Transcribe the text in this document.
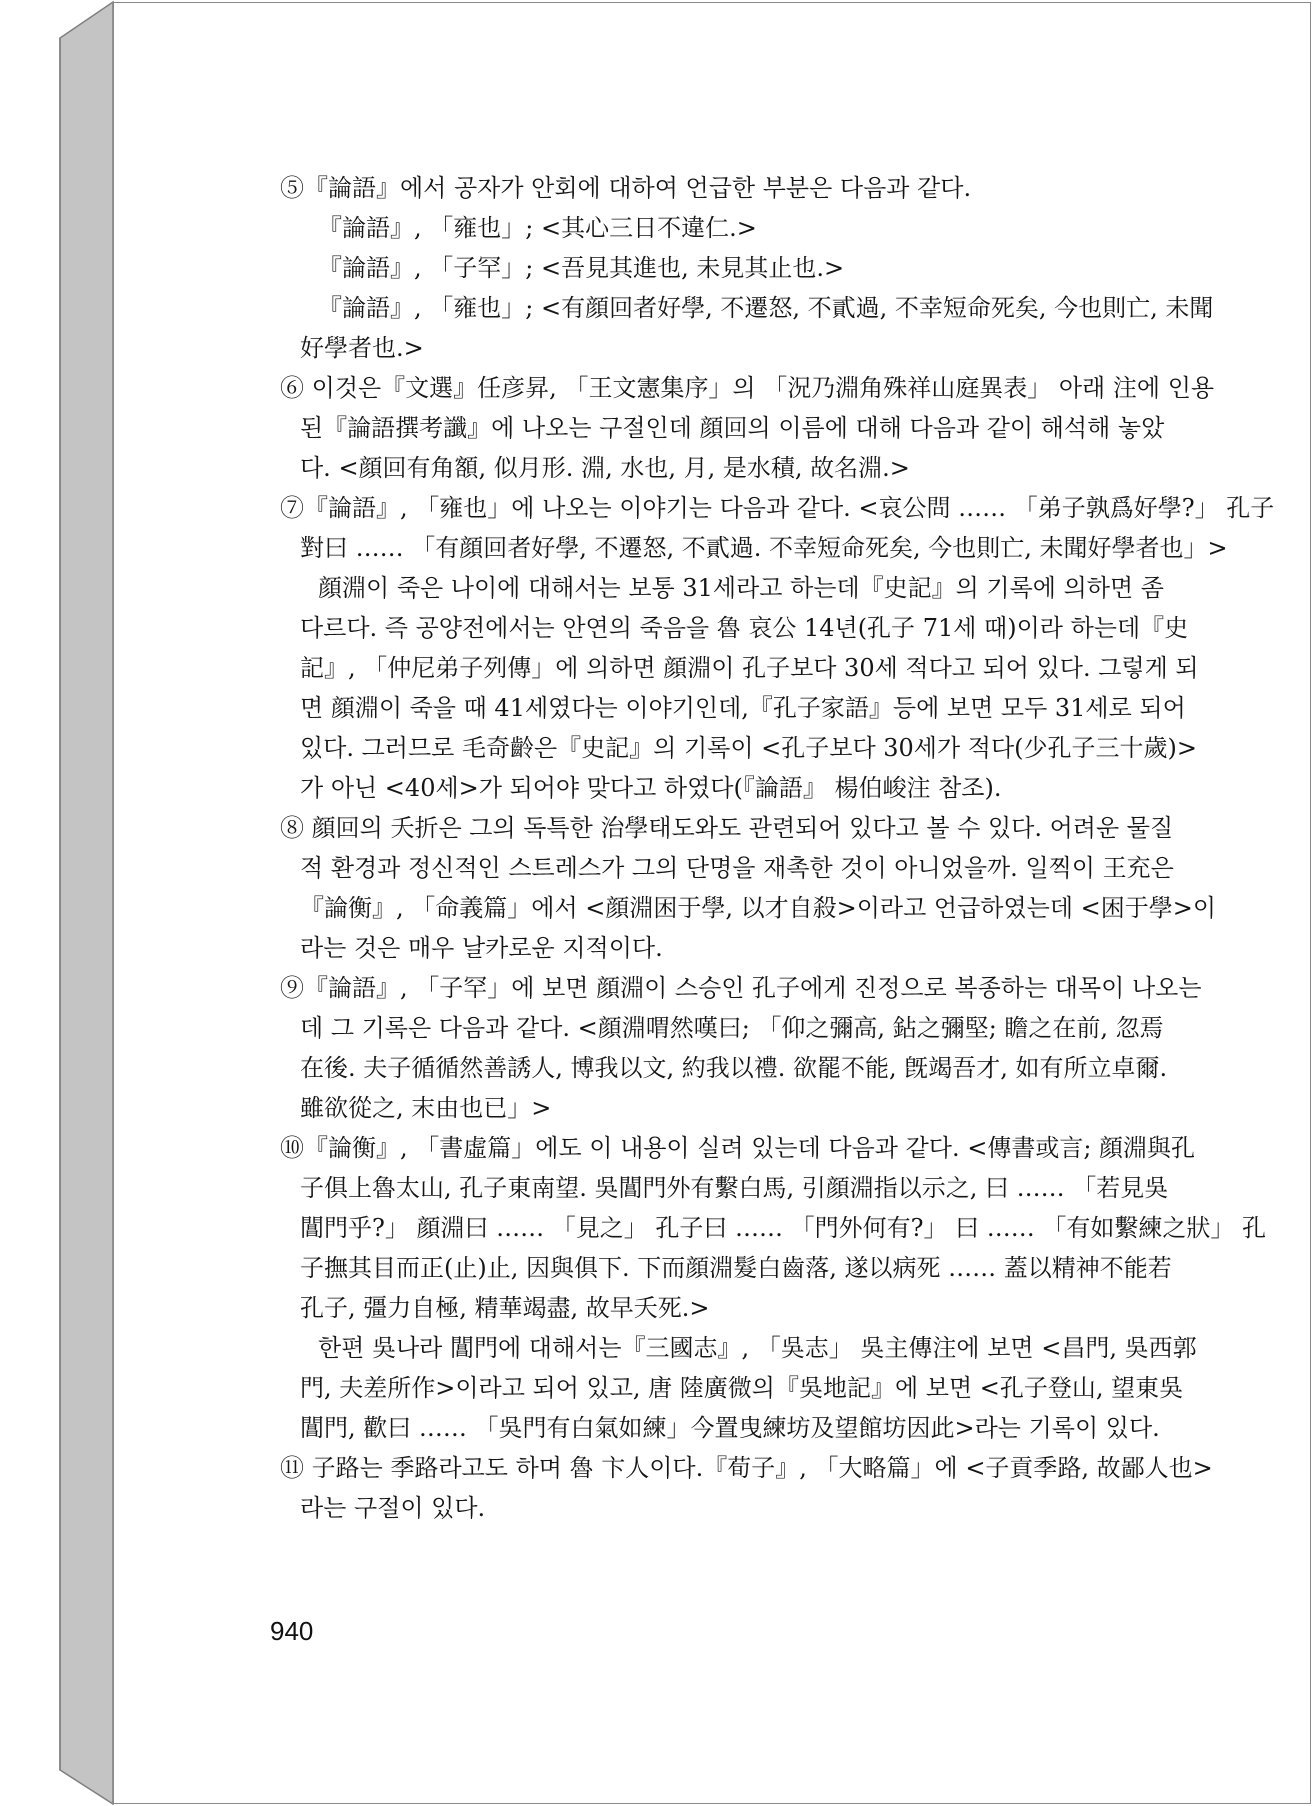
⑤『論語』에서 공자가 안회에 대하여 언급한 부분은 다음과 같다.
『論語』, 「雍也」; <其心三日不違仁.>
『論語』, 「子罕」; <吾見其進也, 未見其止也.>
『論語』, 「雍也」; <有顔回者好學, 不遷怒, 不貳過, 不幸短命死矣, 今也則亡, 未聞
好學者也.>
⑥ 이것은『文選』任彦昇, 「王文憲集序」의 「況乃淵角殊祥山庭異表」 아래 注에 인용
된『論語撰考讖』에 나오는 구절인데 顔回의 이름에 대해 다음과 같이 해석해 놓았
다. <顔回有角額, 似月形. 淵, 水也, 月, 是水積, 故名淵.>
⑦『論語』, 「雍也」에 나오는 이야기는 다음과 같다. <哀公問 …… 「弟子孰爲好學?」 孔子
對曰 …… 「有顔回者好學, 不遷怒, 不貳過. 不幸短命死矣, 今也則亡, 未聞好學者也」>
顔淵이 죽은 나이에 대해서는 보통 31세라고 하는데『史記』의 기록에 의하면 좀
다르다. 즉 공양전에서는 안연의 죽음을 魯 哀公 14년(孔子 71세 때)이라 하는데『史
記』, 「仲尼弟子列傳」에 의하면 顔淵이 孔子보다 30세 적다고 되어 있다. 그렇게 되
면 顔淵이 죽을 때 41세였다는 이야기인데,『孔子家語』등에 보면 모두 31세로 되어
있다. 그러므로 毛奇齡은『史記』의 기록이 <孔子보다 30세가 적다(少孔子三十歲)>
가 아닌 <40세>가 되어야 맞다고 하였다(『論語』 楊伯峻注 참조).
⑧ 顔回의 夭折은 그의 독특한 治學태도와도 관련되어 있다고 볼 수 있다. 어려운 물질
적 환경과 정신적인 스트레스가 그의 단명을 재촉한 것이 아니었을까. 일찍이 王充은
『論衡』, 「命義篇」에서 <顔淵困于學, 以才自殺>이라고 언급하였는데 <困于學>이
라는 것은 매우 날카로운 지적이다.
⑨『論語』, 「子罕」에 보면 顔淵이 스승인 孔子에게 진정으로 복종하는 대목이 나오는
데 그 기록은 다음과 같다. <顔淵喟然嘆曰; 「仰之彌高, 鉆之彌堅; 瞻之在前, 忽焉
在後. 夫子循循然善誘人, 博我以文, 約我以禮. 欲罷不能, 旣竭吾才, 如有所立卓爾.
雖欲從之, 末由也已」>
⑩『論衡』, 「書虛篇」에도 이 내용이 실려 있는데 다음과 같다. <傳書或言; 顔淵與孔
子俱上魯太山, 孔子東南望. 吳閶門外有繫白馬, 引顔淵指以示之, 曰 …… 「若見吳
閶門乎?」 顔淵曰 …… 「見之」 孔子曰 …… 「門外何有?」 曰 …… 「有如繫練之狀」 孔
子撫其目而正(止)止, 因與俱下. 下而顔淵髮白齒落, 遂以病死 …… 蓋以精神不能若
孔子, 彊力自極, 精華竭盡, 故早夭死.>
한편 吳나라 閶門에 대해서는『三國志』, 「吳志」 吳主傳注에 보면 <昌門, 吳西郭
門, 夫差所作>이라고 되어 있고, 唐 陸廣微의『吳地記』에 보면 <孔子登山, 望東吳
閶門, 歡曰 …… 「吳門有白氣如練」今置曳練坊及望館坊因此>라는 기록이 있다.
⑪ 子路는 季路라고도 하며 魯 卞人이다.『荀子』, 「大略篇」에 <子貢季路, 故鄙人也>
라는 구절이 있다.
940
